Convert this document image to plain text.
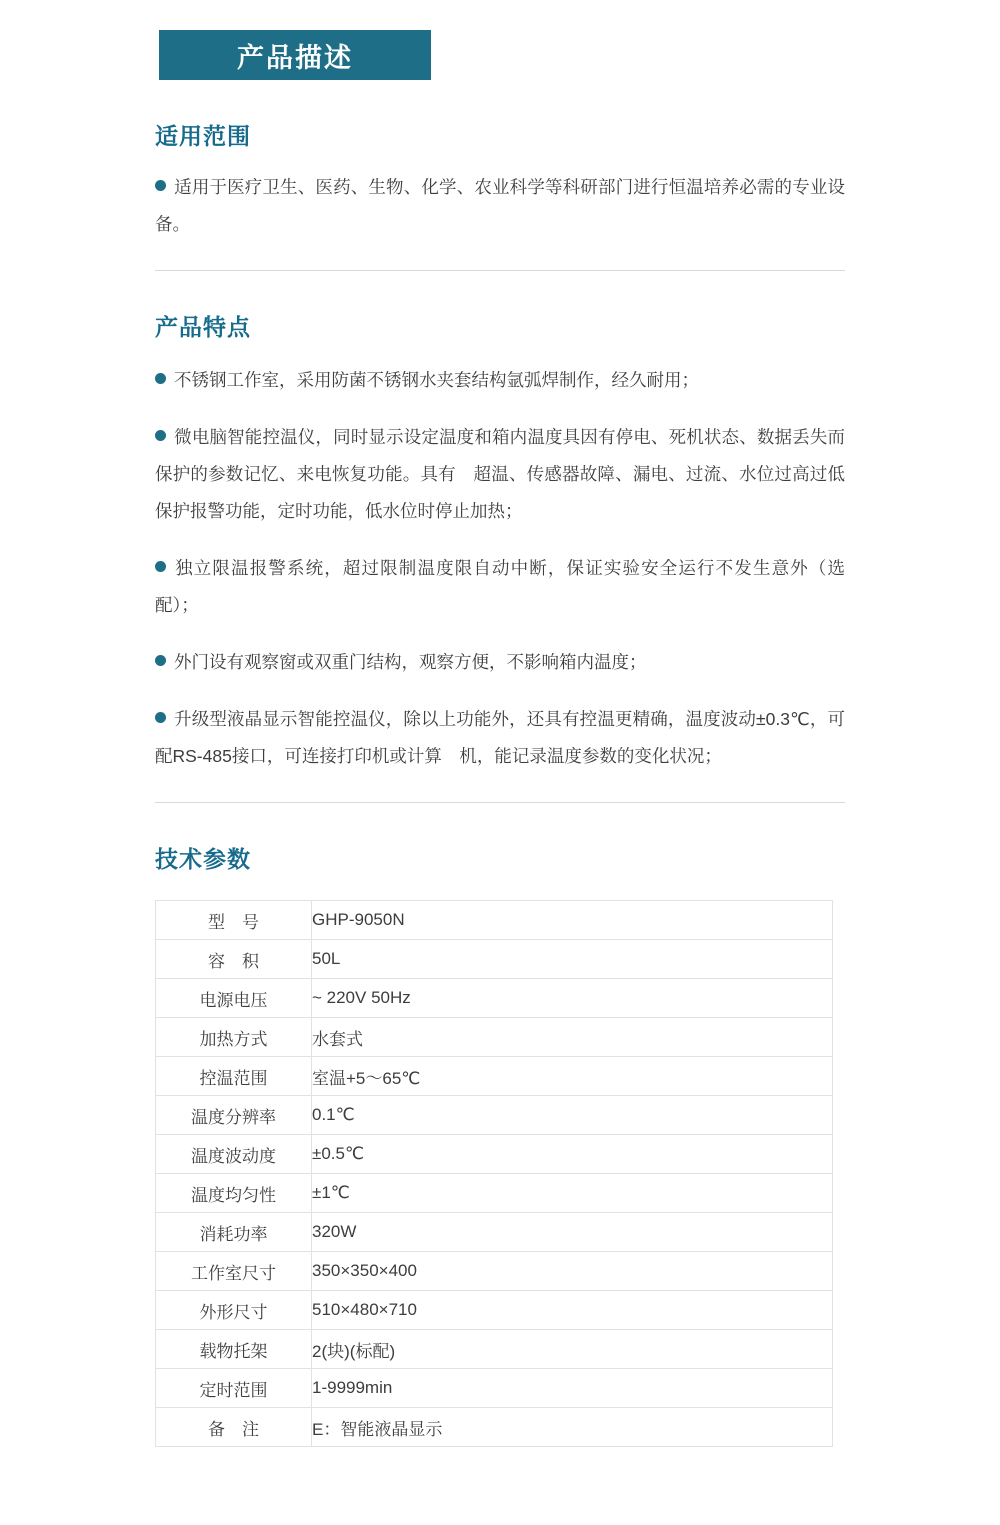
产品描述
适用范围

适用于医疗卫生、医药、生物、化学、农业科学等科研部门进行恒温培养必需的专业设备。

产品特点

不锈钢工作室，采用防菌不锈钢水夹套结构氩弧焊制作，经久耐用；

微电脑智能控温仪，同时显示设定温度和箱内温度具因有停电、死机状态、数据丢失而保护的参数记忆、来电恢复功能。具有　超温、传感器故障、漏电、过流、水位过高过低保护报警功能，定时功能，低水位时停止加热；

独立限温报警系统，超过限制温度限自动中断，保证实验安全运行不发生意外（选配）；

外门设有观察窗或双重门结构，观察方便，不影响箱内温度；

升级型液晶显示智能控温仪，除以上功能外，还具有控温更精确，温度波动±0.3℃，可配RS-485接口，可连接打印机或计算　机，能记录温度参数的变化状况；

技术参数
型　号	GHP-9050N
容　积	50L
电源电压	~ 220V 50Hz
加热方式	水套式
控温范围	室温+5～65℃
温度分辨率	0.1℃
温度波动度	±0.5℃
温度均匀性	±1℃
消耗功率	320W
工作室尺寸	350×350×400
外形尺寸	510×480×710
载物托架	2(块)(标配)
定时范围	1-9999min
备　注	E：智能液晶显示
